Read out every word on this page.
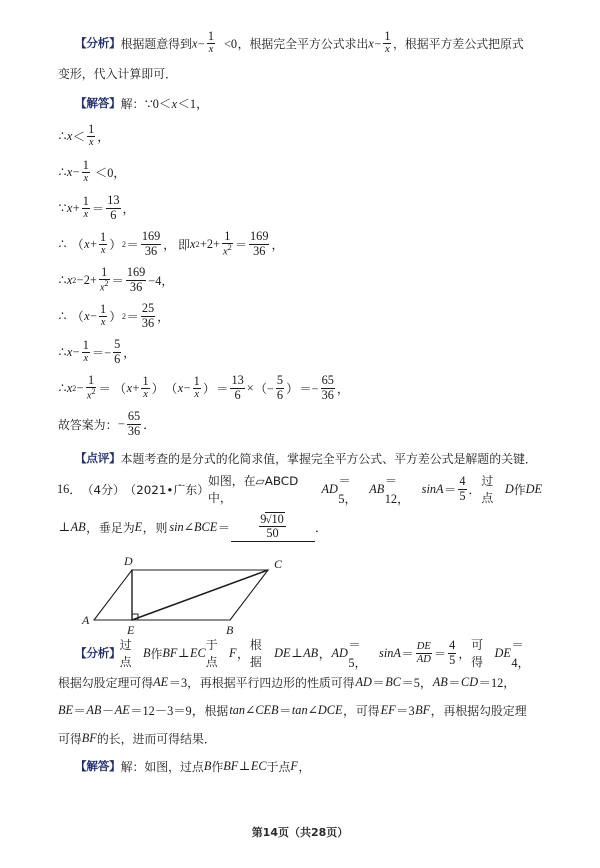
【分析】 根据题意得到 $x- \frac{1}{x} <0$ ，根据完全平方公式求出 $x- \frac{1}{x}$ ，根据平方差公式把原式
变形，代入计算即可．
【解答】 解： ∵0＜x＜1，
∴ $x < \frac{1}{x}$ ，
∴ $x - \frac{1}{x} <0$，
∵ $x + \frac{1}{x} = \frac{13}{6}$ ，
∴ （ $x + \frac{1}{x}$ ） $2 = \frac{169}{36}$ ， 即 x $2 +2+ \frac{1}{x^2} = \frac{169}{36}$ ，
∴ x $2 -2+ \frac{1}{x^2} = \frac{169}{36} -4$，
∴ （ $x - \frac{1}{x}$ ） $2 = \frac{25}{36}$ ，
∴ $x - \frac{1}{x} =- \frac{5}{6}$ ，
∴ x $2 - \frac{1}{x^2}$ ＝ （ $x + \frac{1}{x}$ ） （ $x - \frac{1}{x}$ ） ＝ $\frac{13}{6}$ × （− $\frac{5}{6}$ ） ＝− $\frac{65}{36}$ ，
故答案为： − $\frac{65}{36}$ ．
【点评】 本题考查的是分式的化简求值，掌握完全平方公式、平方差公式是解题的关键．
16 ． （4分） （2021•广东）
如图，在▱ABCD中，
AD
＝5，
AB
＝12，
$\sin A = \frac{4}{5}$ ．
过点
D 作 DE
⊥ AB ， 垂足为 E ， 则 sin∠BCE ＝ $\frac{9√10}{50}$ ．
A
B
C
D
E
【分析】
过点
B 作 BF ⊥ EC
于点
F ，
根据
DE ⊥ AB ， AD
＝5，
$\sin A = \frac{DE}{AD} = \frac{4}{5}$ ，
可得
DE
＝4，
根据勾股定理可得 AE ＝3， 再根据平行四边形的性质可得 AD ＝ BC ＝5， AB ＝ CD ＝12，
BE ＝ AB － AE ＝12－3＝9， 根据 tan∠CEB ＝ tan∠DCE ， 可得 EF ＝3 BF ， 再根据勾股定理
可得 BF 的长，进而可得结果．
【解答】 解：如图，过点 B 作 BF ⊥ EC 于点 F ，
第14页（共28页）
